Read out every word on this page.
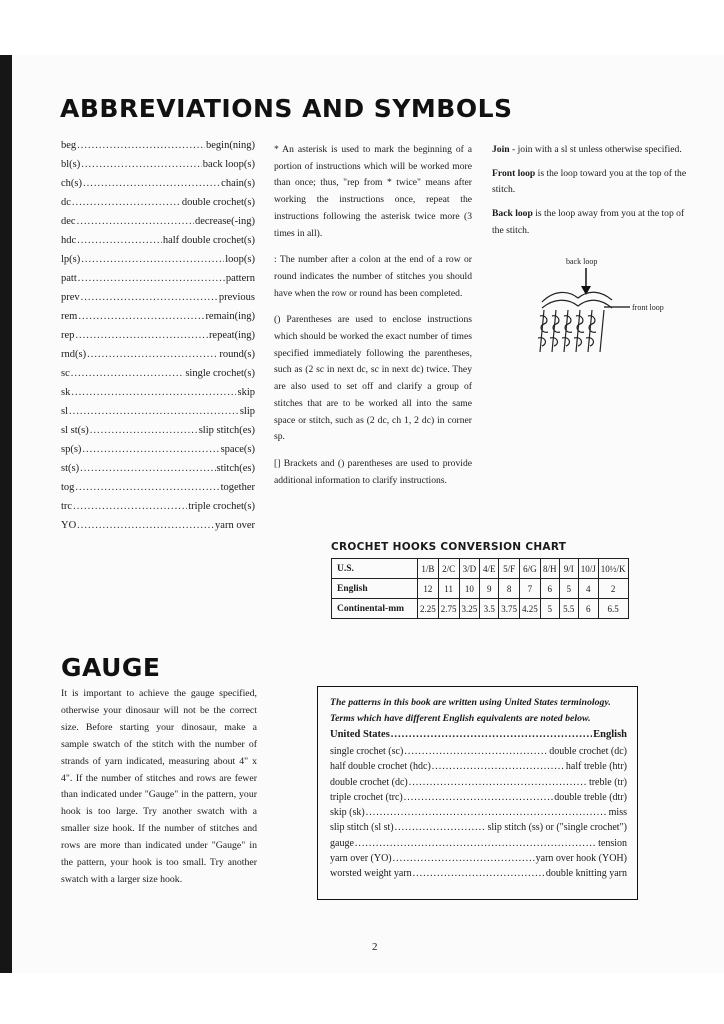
ABBREVIATIONS AND SYMBOLS
beg .....	begin(ning)
bl(s) .....	back loop(s)
ch(s) .....	chain(s)
dc .....	double crochet(s)
dec .....	decrease(-ing)
hdc .....	half double crochet(s)
lp(s) .....	loop(s)
patt .....	pattern
prev .....	previous
rem .....	remain(ing)
rep .....	repeat(ing)
rnd(s) .....	round(s)
sc .....	single crochet(s)
sk .....	skip
sl .....	slip
sl st(s) .....	slip stitch(es)
sp(s) .....	space(s)
st(s) .....	stitch(es)
tog .....	together
trc .....	triple crochet(s)
YO .....	yarn over

* An asterisk is used to mark the beginning of a portion of instructions which will be worked more than once; thus, "rep from * twice" means after working the instructions once, repeat the instructions following the asterisk twice more (3 times in all).

: The number after a colon at the end of a row or round indicates the number of stitches you should have when the row or round has been completed.

() Parentheses are used to enclose instructions which should be worked the exact number of times specified immediately following the parentheses, such as (2 sc in next dc, sc in next dc) twice. They are also used to set off and clarify a group of stitches that are to be worked all into the same space or stitch, such as (2 dc, ch 1, 2 dc) in corner sp.

[] Brackets and () parentheses are used to provide additional information to clarify instructions.

Join - join with a sl st unless otherwise specified.

Front loop is the loop toward you at the top of the stitch.

Back loop is the loop away from you at the top of the stitch.

back loop
front loop
CROCHET HOOKS CONVERSION CHART
U.S.	1/B	2/C	3/D	4/E	5/F	6/G	8/H	9/I	10/J	10½/K
English	12	11	10	9	8	7	6	5	4	2
Continental-mm	2.25	2.75	3.25	3.5	3.75	4.25	5	5.5	6	6.5
GAUGE

It is important to achieve the gauge specified, otherwise your dinosaur will not be the correct size. Before starting your dinosaur, make a sample swatch of the stitch with the number of strands of yarn indicated, measuring about 4" x 4". If the number of stitches and rows are fewer than indicated under "Gauge" in the pattern, your hook is too large. Try another swatch with a smaller size hook. If the number of stitches and rows are more than indicated under "Gauge" in the pattern, your hook is too small. Try another swatch with a larger size hook.

The patterns in this book are written using United States terminology. Terms which have different English equivalents are noted below.

United States .....	English
single crochet (sc) .....	double crochet (dc)
half double crochet (hdc) .....	half treble (htr)
double crochet (dc) .....	treble (tr)
triple crochet (trc) .....	double treble (dtr)
skip (sk) .....	miss
slip stitch (sl st) .....	slip stitch (ss) or ("single crochet")
gauge .....	tension
yarn over (YO) .....	yarn over hook (YOH)
worsted weight yarn .....	double knitting yarn
2
